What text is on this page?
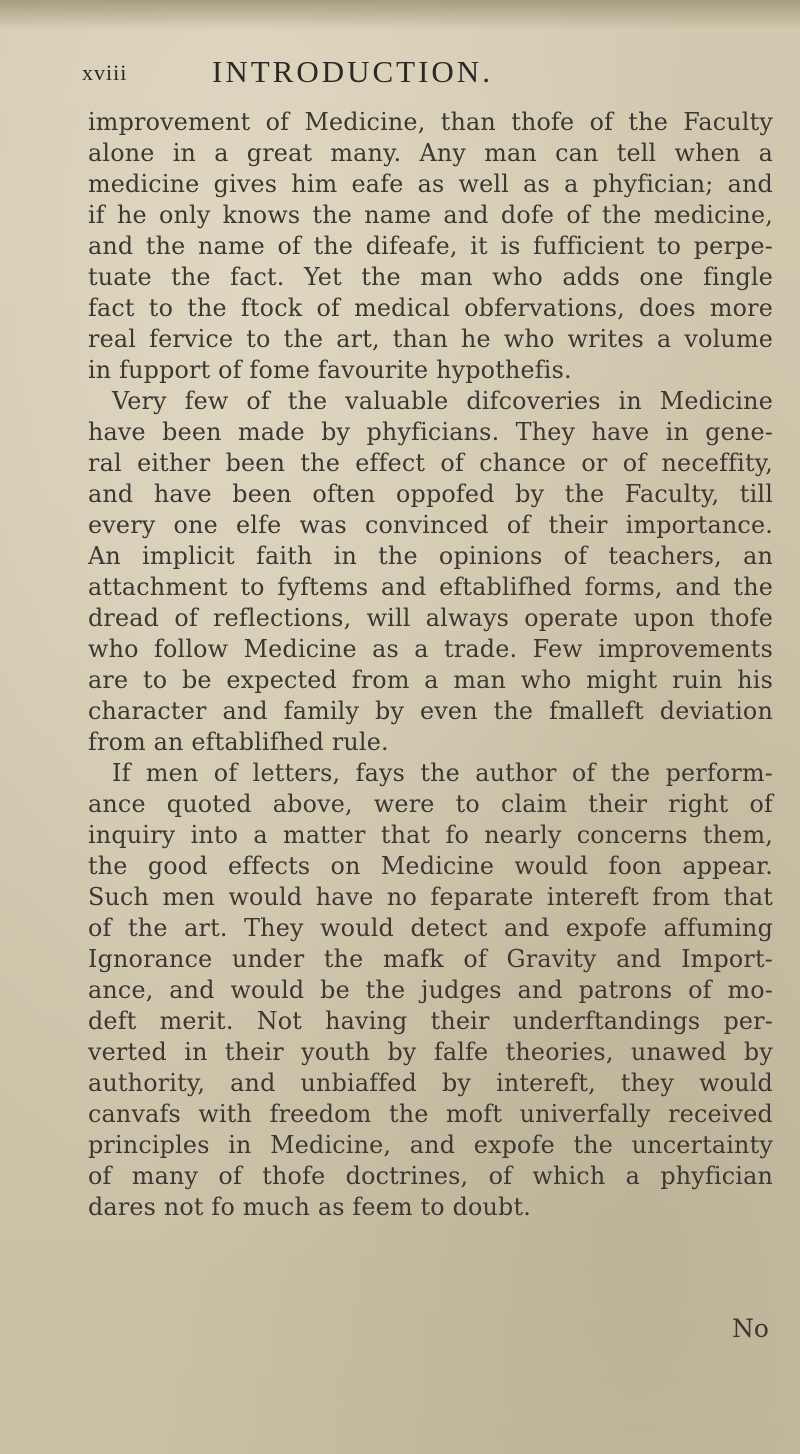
xviii	INTRODUCTION.
improvement of Medicine, than thofe of the Faculty
alone in a great many. Any man can tell when a
medicine gives him eafe as well as a phyfician; and
if he only knows the name and dofe of the medicine,
and the name of the difeafe, it is fufficient to perpe-
tuate the fact. Yet the man who adds one fingle
fact to the ftock of medical obfervations, does more
real fervice to the art, than he who writes a volume
in fupport of fome favourite hypothefis.
Very few of the valuable difcoveries in Medicine
have been made by phyficians. They have in gene-
ral either been the effect of chance or of neceffity,
and have been often oppofed by the Faculty, till
every one elfe was convinced of their importance.
An implicit faith in the opinions of teachers, an
attachment to fyftems and eftablifhed forms, and the
dread of reflections, will always operate upon thofe
who follow Medicine as a trade. Few improvements
are to be expected from a man who might ruin his
character and family by even the fmalleft deviation
from an eftablifhed rule.
If men of letters, fays the author of the perform-
ance quoted above, were to claim their right of
inquiry into a matter that fo nearly concerns them,
the good effects on Medicine would foon appear.
Such men would have no feparate intereft from that
of the art. They would detect and expofe affuming
Ignorance under the mafk of Gravity and Import-
ance, and would be the judges and patrons of mo-
deft merit. Not having their underftandings per-
verted in their youth by falfe theories, unawed by
authority, and unbiaffed by intereft, they would
canvafs with freedom the moft univerfally received
principles in Medicine, and expofe the uncertainty
of many of thofe doctrines, of which a phyfician
dares not fo much as feem to doubt.
No
